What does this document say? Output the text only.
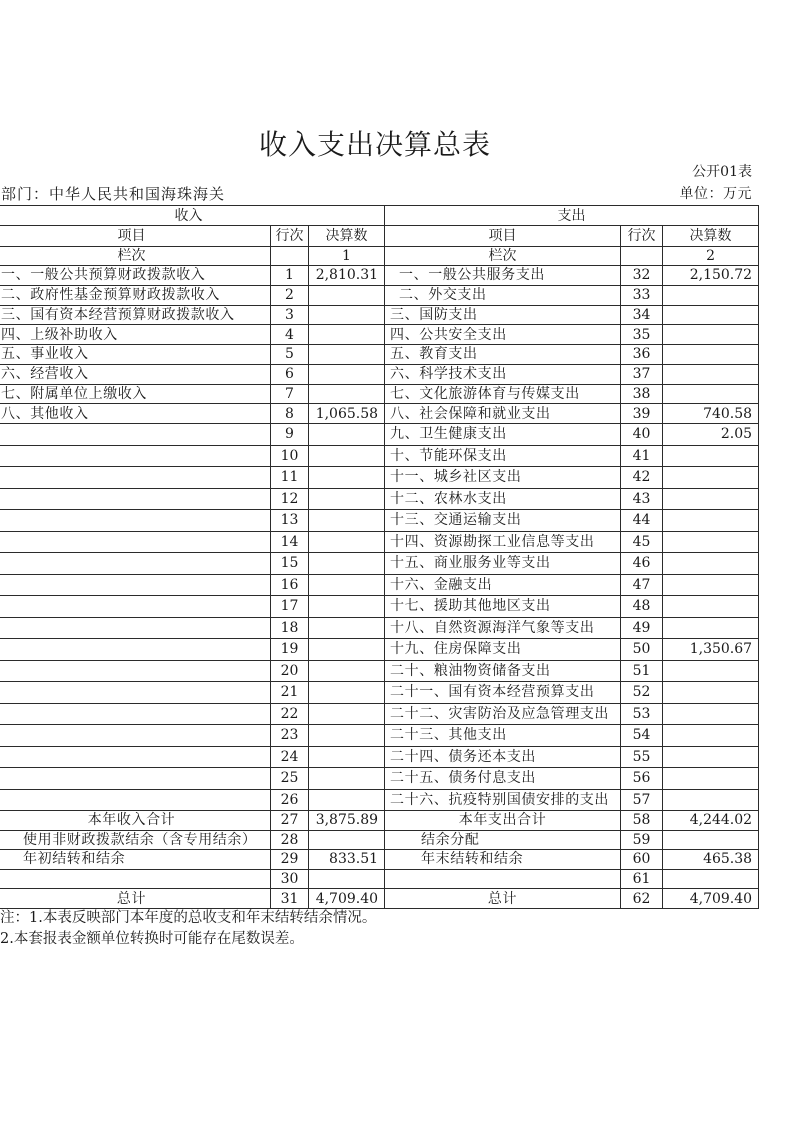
收入支出决算总表
公开01表
部门：中华人民共和国海珠海关	单位：万元
收入			支出		
项目	行次	决算数	项目	行次	决算数
栏次		1	栏次		2
一、一般公共预算财政拨款收入	1	2,810.31	一、一般公共服务支出	32	2,150.72
二、政府性基金预算财政拨款收入	2		二、外交支出	33	
三、国有资本经营预算财政拨款收入	3		三、国防支出	34	
四、上级补助收入	4		四、公共安全支出	35	
五、事业收入	5		五、教育支出	36	
六、经营收入	6		六、科学技术支出	37	
七、附属单位上缴收入	7		七、文化旅游体育与传媒支出	38	
八、其他收入	8	1,065.58	八、社会保障和就业支出	39	740.58
	9		九、卫生健康支出	40	2.05
	10		十、节能环保支出	41	
	11		十一、城乡社区支出	42	
	12		十二、农林水支出	43	
	13		十三、交通运输支出	44	
	14		十四、资源勘探工业信息等支出	45	
	15		十五、商业服务业等支出	46	
	16		十六、金融支出	47	
	17		十七、援助其他地区支出	48	
	18		十八、自然资源海洋气象等支出	49	
	19		十九、住房保障支出	50	1,350.67
	20		二十、粮油物资储备支出	51	
	21		二十一、国有资本经营预算支出	52	
	22		二十二、灾害防治及应急管理支出	53	
	23		二十三、其他支出	54	
	24		二十四、债务还本支出	55	
	25		二十五、债务付息支出	56	
	26		二十六、抗疫特别国债安排的支出	57	
本年收入合计	27	3,875.89	本年支出合计	58	4,244.02
使用非财政拨款结余（含专用结余）	28		结余分配	59	
年初结转和结余	29	833.51	年末结转和结余	60	465.38
	30			61	
总计	31	4,709.40	总计	62	4,709.40
注：1.本表反映部门本年度的总收支和年末结转结余情况。
2.本套报表金额单位转换时可能存在尾数误差。
